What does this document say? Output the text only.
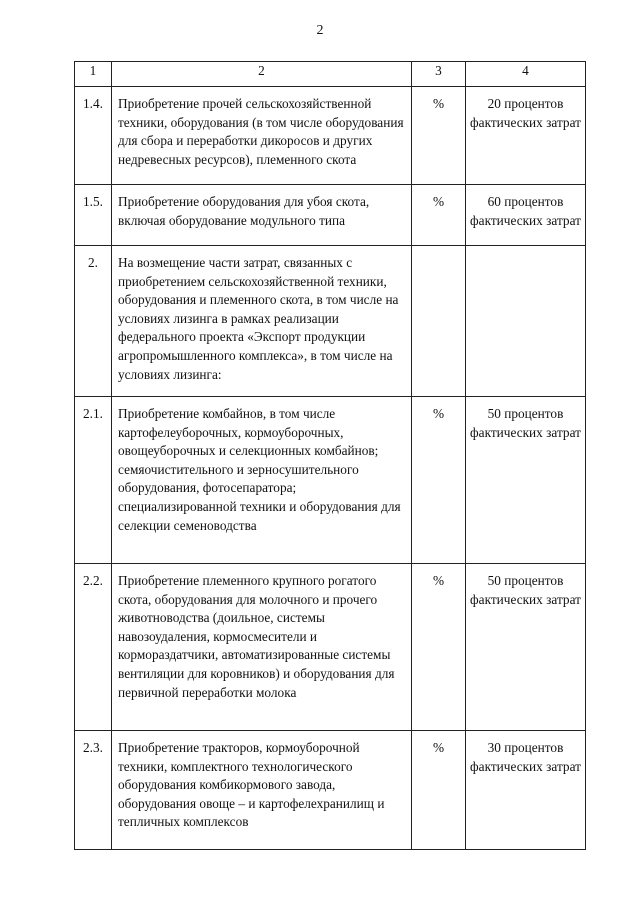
2
1	2	3	4
1.4.	Приобретение прочей сельскохозяйственной техники, оборудования (в том числе оборудования для сбора и переработки дикоросов и других недревесных ресурсов), племенного скота	%	20 процентов фактических затрат
1.5.	Приобретение оборудования для убоя скота, включая оборудование модульного типа	%	60 процентов фактических затрат
2.	На возмещение части затрат, связанных с приобретением сельскохозяйственной техники, оборудования и племенного скота, в том числе на условиях лизинга в рамках реализации федерального проекта «Экспорт продукции агропромышленного комплекса», в том числе на условиях лизинга:		
2.1.	Приобретение комбайнов, в том числе картофелеуборочных, кормоуборочных, овощеуборочных и селекционных комбайнов; семяочистительного и зерносушительного оборудования, фотосепаратора; специализированной техники и оборудования для селекции семеноводства	%	50 процентов фактических затрат
2.2.	Приобретение племенного крупного рогатого скота, оборудования для молочного и прочего животноводства (доильное, системы навозоудаления, кормосмесители и кормораздатчики, автоматизированные системы вентиляции для коровников) и оборудования для первичной переработки молока	%	50 процентов фактических затрат
2.3.	Приобретение тракторов, кормоуборочной техники, комплектного технологического оборудования комбикормового завода, оборудования овоще – и картофелехранилищ и тепличных комплексов	%	30 процентов фактических затрат
